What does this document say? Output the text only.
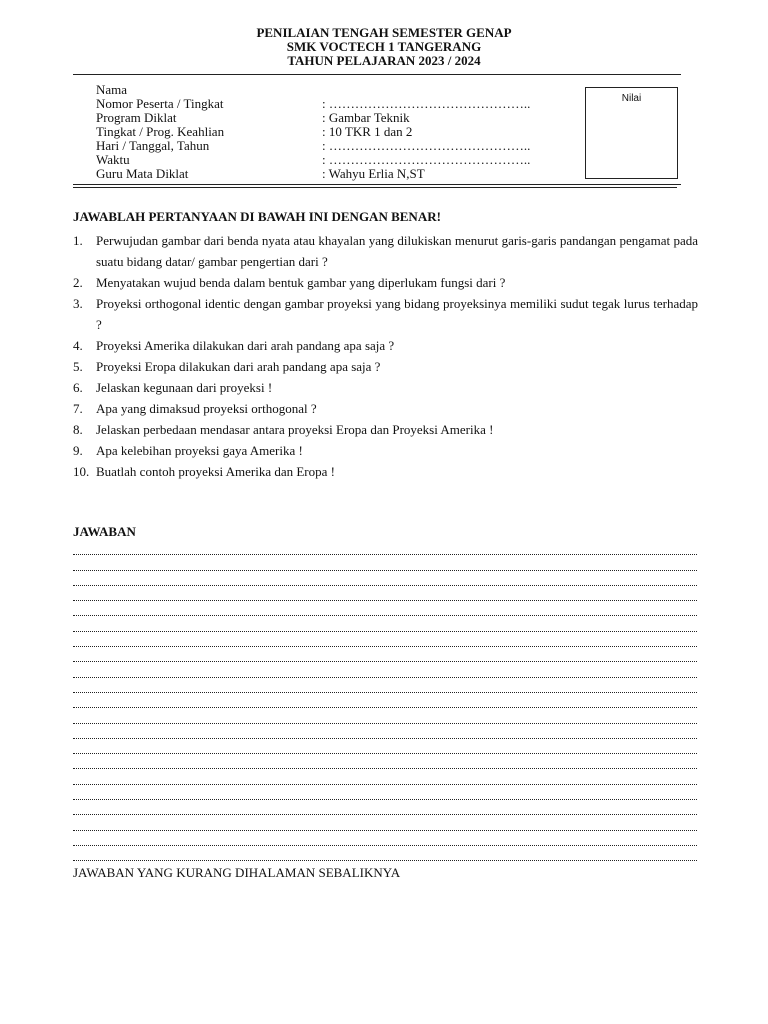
PENILAIAN TENGAH SEMESTER GENAP
SMK VOCTECH 1 TANGERANG
TAHUN PELAJARAN 2023 / 2024
Nama
Nomor Peserta / Tingkat	: ………………………………………..
Program Diklat	: Gambar Teknik
Tingkat / Prog. Keahlian	: 10 TKR 1 dan 2
Hari / Tanggal, Tahun	: ………………………………………..
Waktu	: ………………………………………..
Guru Mata Diklat	: Wahyu Erlia N,ST
Nilai
JAWABLAH PERTANYAAN DI BAWAH INI DENGAN BENAR!
1.	Perwujudan gambar dari benda nyata atau khayalan yang dilukiskan menurut garis-garis pandangan pengamat pada suatu bidang datar/ gambar pengertian dari ?
2.	Menyatakan wujud benda dalam bentuk gambar yang diperlukam fungsi dari ?
3.	Proyeksi orthogonal identic dengan gambar proyeksi yang bidang proyeksinya memiliki sudut tegak lurus terhadap ?
4.	Proyeksi Amerika dilakukan dari arah pandang apa saja ?
5.	Proyeksi Eropa dilakukan dari arah pandang apa saja ?
6.	Jelaskan kegunaan dari proyeksi !
7.	Apa yang dimaksud proyeksi orthogonal ?
8.	Jelaskan perbedaan mendasar antara proyeksi Eropa dan Proyeksi Amerika !
9.	Apa kelebihan proyeksi gaya Amerika !
10. Buatlah contoh proyeksi Amerika dan Eropa !
JAWABAN
JAWABAN YANG KURANG DIHALAMAN SEBALIKNYA
